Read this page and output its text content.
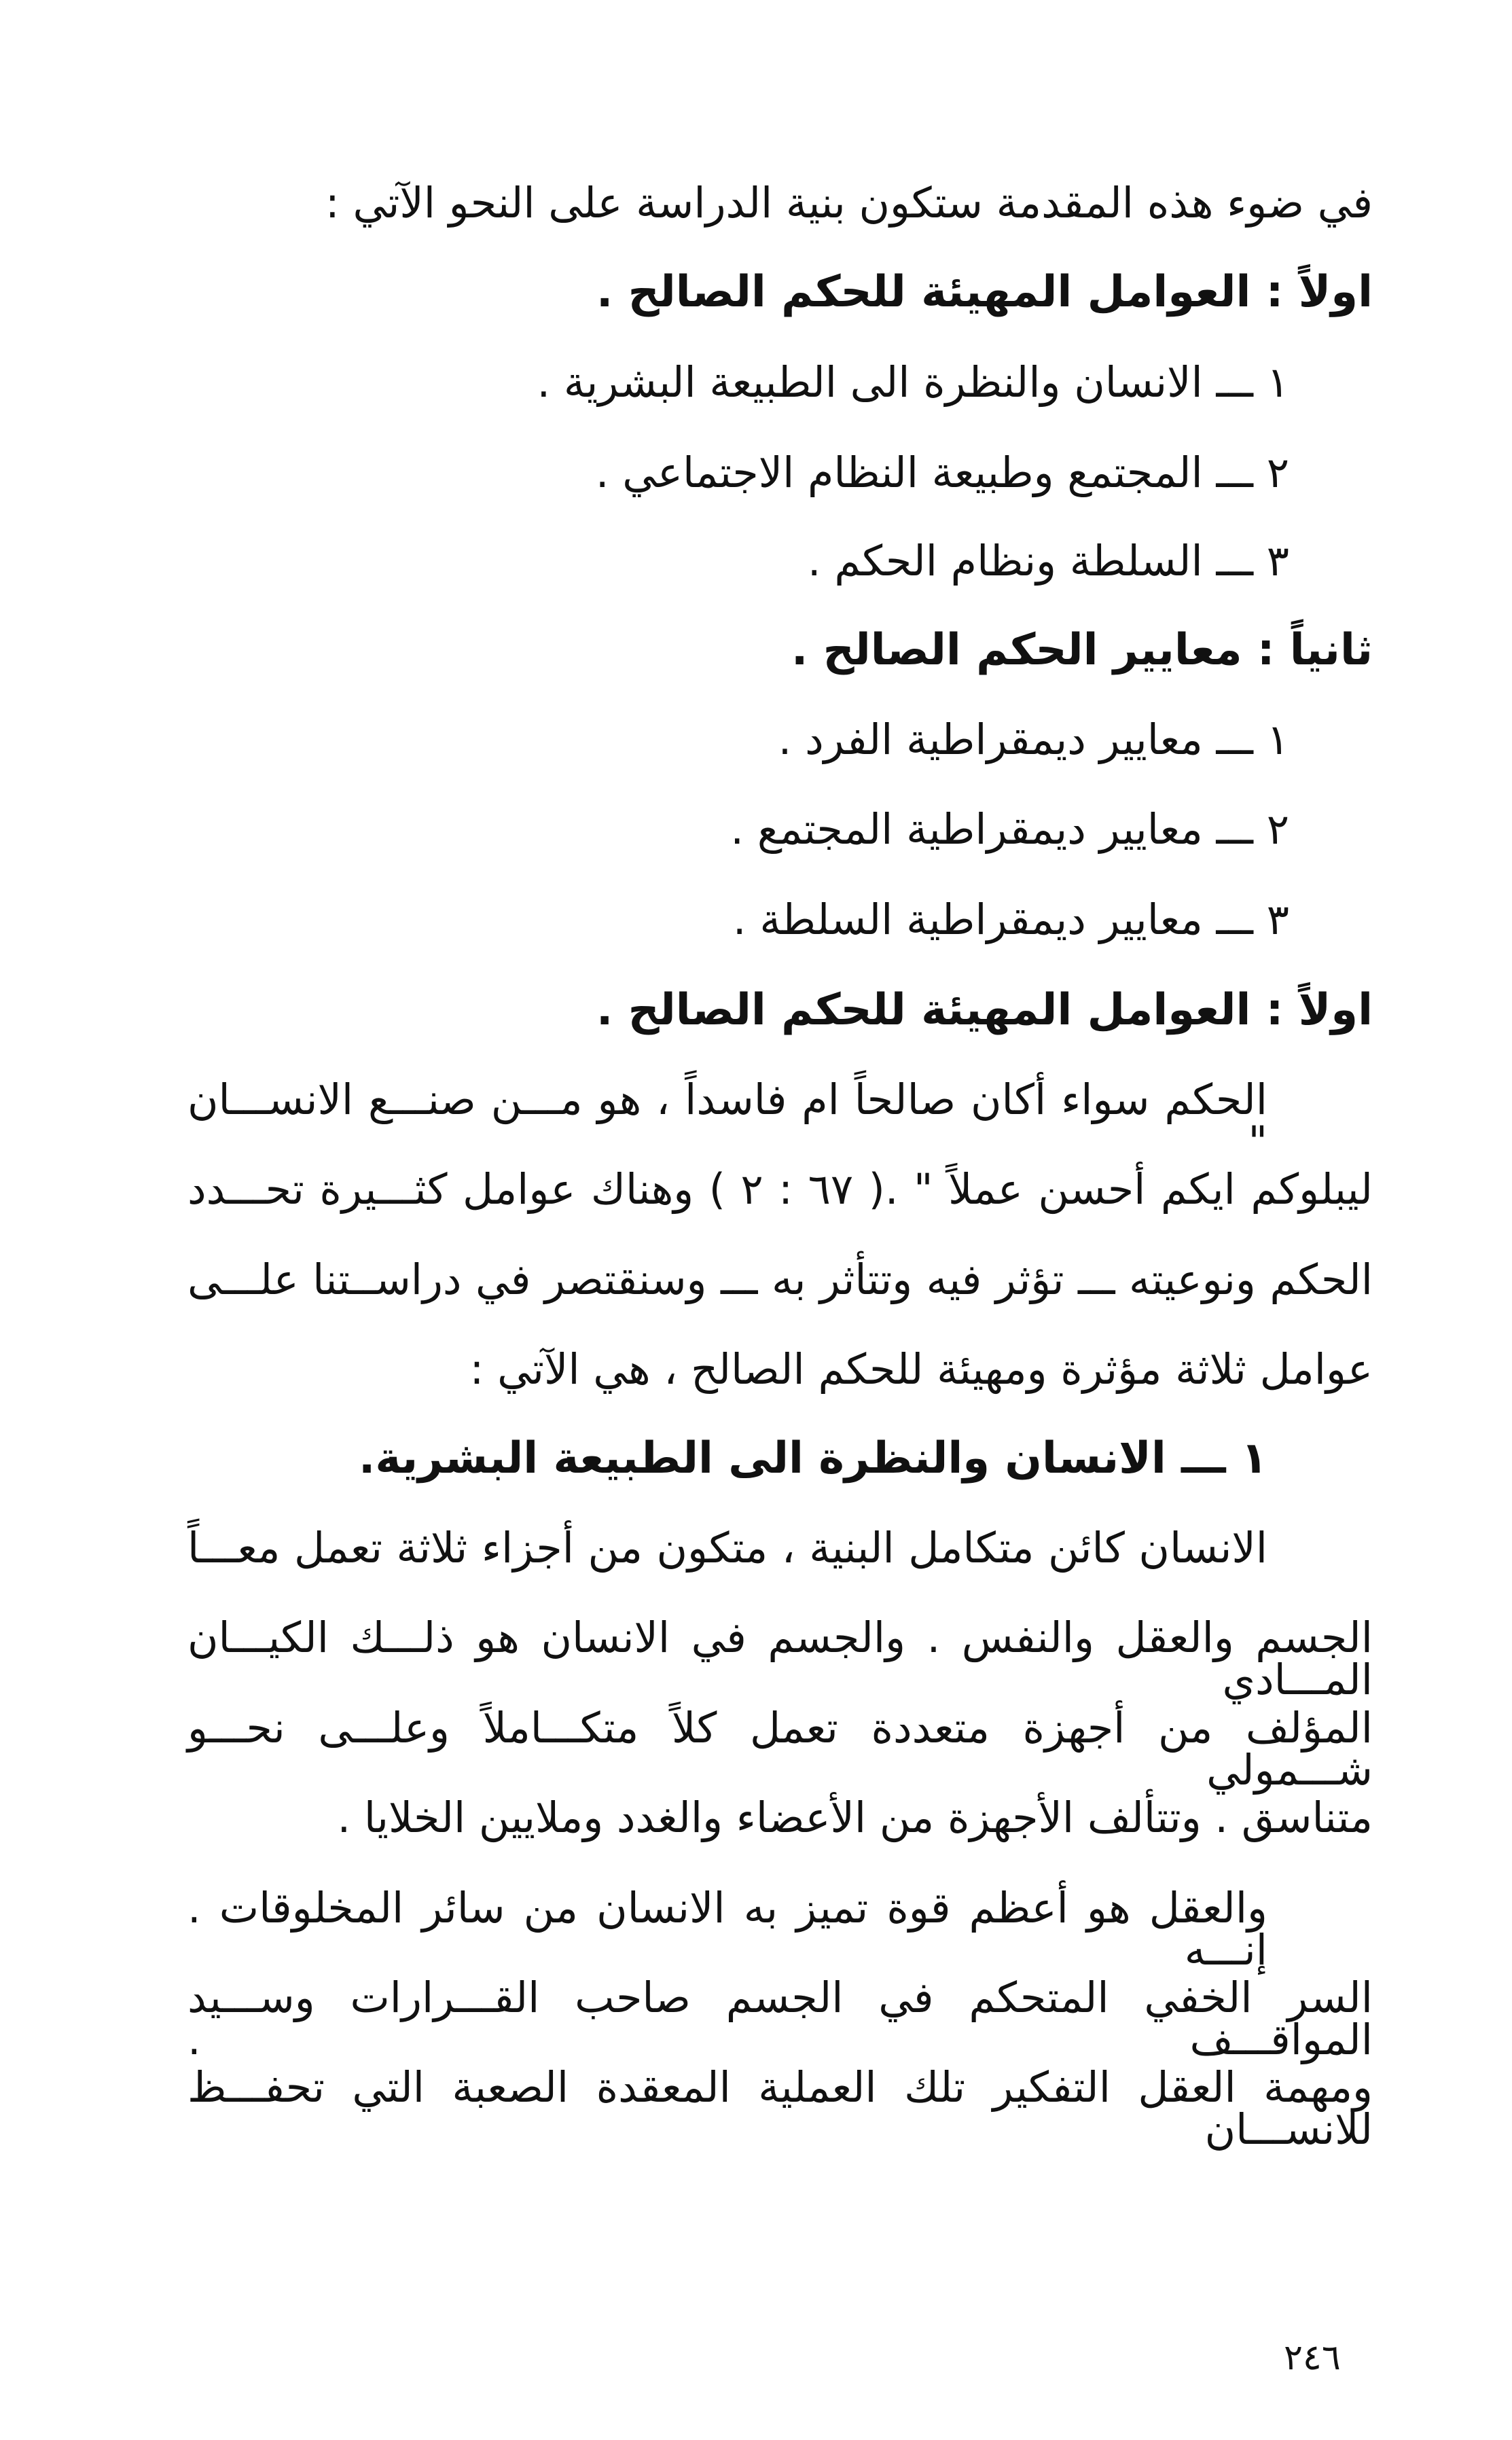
في ضوء هذه المقدمة ستكون بنية الدراسة على النحو الآتي :
اولاً : العوامل المهيئة للحكم الصالح .
١ ـــ الانسان والنظرة الى الطبيعة البشرية .
٢ ـــ المجتمع وطبيعة النظام الاجتماعي .
٣ ـــ السلطة ونظام الحكم .
ثانياً : معايير الحكم الصالح .
١ ـــ معايير ديمقراطية الفرد .
٢ ـــ معايير ديمقراطية المجتمع .
٣ ـــ معايير ديمقراطية السلطة .
اولاً : العوامل المهيئة للحكم الصالح .
الحكم سواء أكان صالحاً ام فاسداً ، هو مـــن صنـــع الانســـان "
ليبلوكم ايكم أحسن عملاً " .( ٦٧ : ٢ ) وهناك عوامل كثـــيرة تحـــدد
الحكم ونوعيته ـــ تؤثر فيه وتتأثر به ـــ وسنقتصر في دراســتنا علـــى
عوامل ثلاثة مؤثرة ومهيئة للحكم الصالح ، هي الآتي :
١ ـــ الانسان والنظرة الى الطبيعة البشرية.
الانسان كائن متكامل البنية ، متكون من أجزاء ثلاثة تعمل معـــاً
الجسم والعقل والنفس . والجسم في الانسان هو ذلـــك الكيـــان المـــادي
المؤلف من أجهزة متعددة تعمل كلاً متكـــاملاً وعلـــى نحـــو شـــمولي
متناسق . وتتألف الأجهزة من الأعضاء والغدد وملايين الخلايا .
والعقل هو أعظم قوة تميز به الانسان من سائر المخلوقات . إنـــه
السر الخفي المتحكم في الجسم صاحب القـــرارات وســـيد المواقـــف .
ومهمة العقل التفكير تلك العملية المعقدة الصعبة التي تحفـــظ للانســـان
٢٤٦
